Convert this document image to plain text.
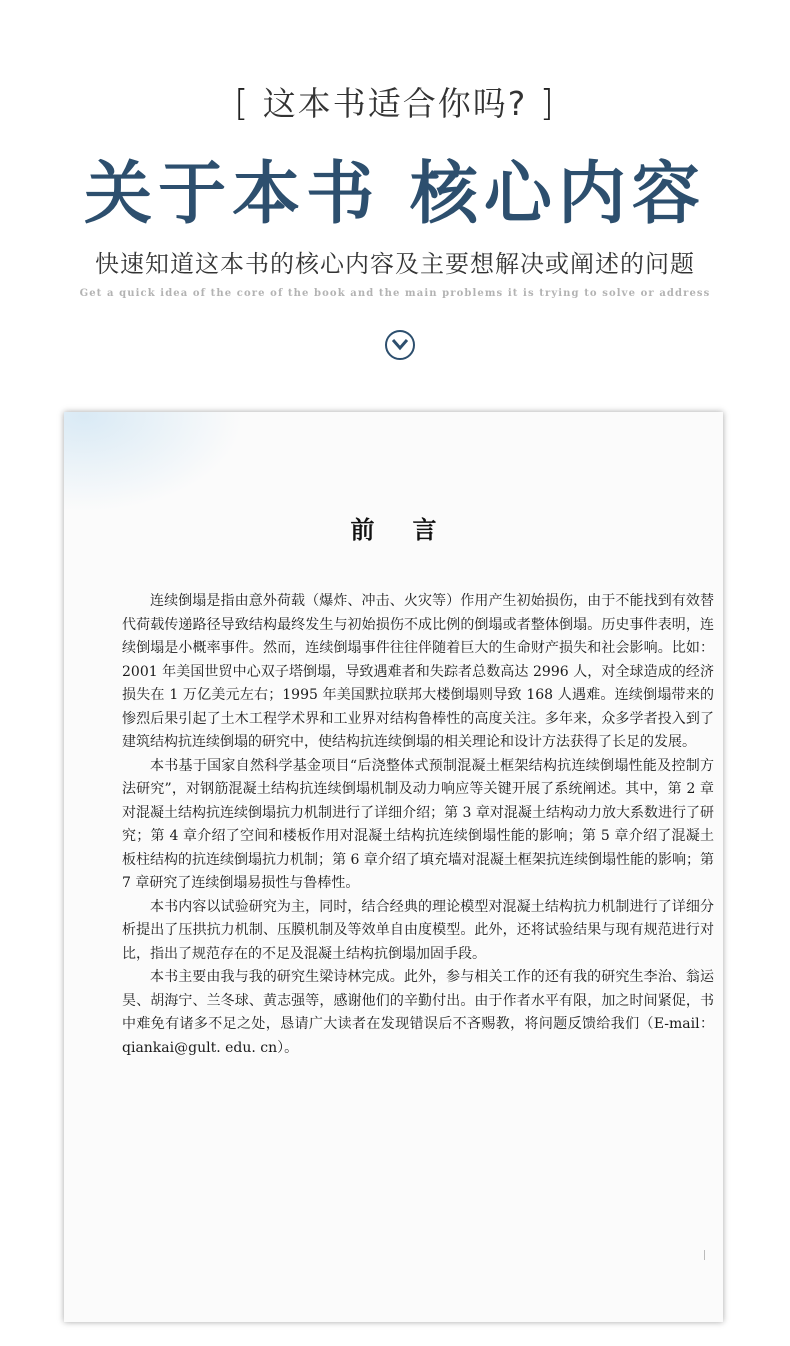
[ 这本书适合你吗? ]
关于本书 核心内容
快速知道这本书的核心内容及主要想解决或阐述的问题
Get a quick idea of the core of the book and the main problems it is trying to solve or address
前言

连续倒塌是指由意外荷载（爆炸、冲击、火灾等）作用产生初始损伤，由于不能找到有效替代荷载传递路径导致结构最终发生与初始损伤不成比例的倒塌或者整体倒塌。历史事件表明，连续倒塌是小概率事件。然而，连续倒塌事件往往伴随着巨大的生命财产损失和社会影响。比如：2001 年美国世贸中心双子塔倒塌，导致遇难者和失踪者总数高达 2996 人，对全球造成的经济损失在 1 万亿美元左右；1995 年美国默拉联邦大楼倒塌则导致 168 人遇难。连续倒塌带来的惨烈后果引起了土木工程学术界和工业界对结构鲁棒性的高度关注。多年来，众多学者投入到了建筑结构抗连续倒塌的研究中，使结构抗连续倒塌的相关理论和设计方法获得了长足的发展。

本书基于国家自然科学基金项目“后浇整体式预制混凝土框架结构抗连续倒塌性能及控制方法研究”，对钢筋混凝土结构抗连续倒塌机制及动力响应等关键开展了系统阐述。其中，第 2 章对混凝土结构抗连续倒塌抗力机制进行了详细介绍；第 3 章对混凝土结构动力放大系数进行了研究；第 4 章介绍了空间和楼板作用对混凝土结构抗连续倒塌性能的影响；第 5 章介绍了混凝土板柱结构的抗连续倒塌抗力机制；第 6 章介绍了填充墙对混凝土框架抗连续倒塌性能的影响；第 7 章研究了连续倒塌易损性与鲁棒性。

本书内容以试验研究为主，同时，结合经典的理论模型对混凝土结构抗力机制进行了详细分析提出了压拱抗力机制、压膜机制及等效单自由度模型。此外，还将试验结果与现有规范进行对比，指出了规范存在的不足及混凝土结构抗倒塌加固手段。

本书主要由我与我的研究生梁诗林完成。此外，参与相关工作的还有我的研究生李治、翁运昊、胡海宁、兰冬球、黄志强等，感谢他们的辛勤付出。由于作者水平有限，加之时间紧促，书中难免有诸多不足之处，恳请广大读者在发现错误后不吝赐教，将问题反馈给我们（E-mail：qiankai@gult. edu. cn）。
